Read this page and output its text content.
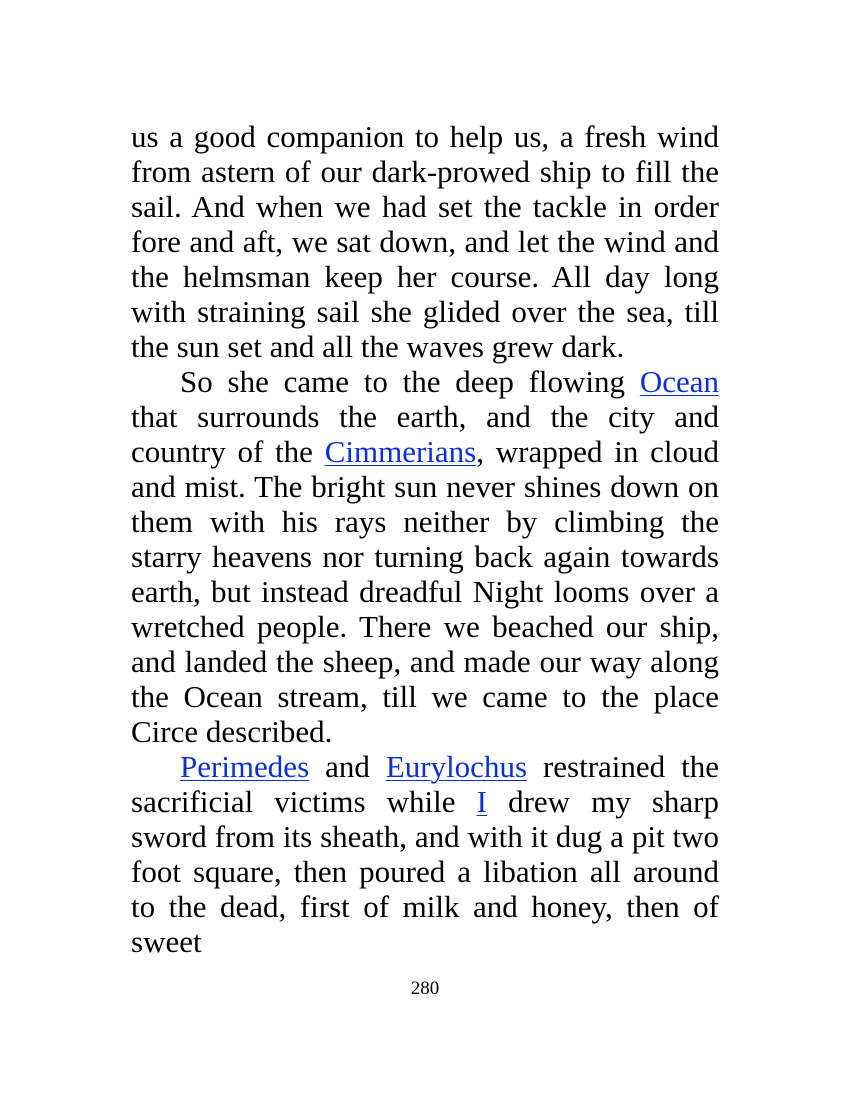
us a good companion to help us, a fresh wind from astern of our dark-prowed ship to fill the sail. And when we had set the tackle in order fore and aft, we sat down, and let the wind and the helmsman keep her course. All day long with straining sail she glided over the sea, till the sun set and all the waves grew dark.

So she came to the deep flowing Ocean that surrounds the earth, and the city and country of the Cimmerians, wrapped in cloud and mist. The bright sun never shines down on them with his rays neither by climbing the starry heavens nor turning back again towards earth, but instead dreadful Night looms over a wretched people. There we beached our ship, and landed the sheep, and made our way along the Ocean stream, till we came to the place Circe described.

Perimedes and Eurylochus restrained the sacrificial victims while I drew my sharp sword from its sheath, and with it dug a pit two foot square, then poured a libation all around to the dead, first of milk and honey, then of sweet

280
